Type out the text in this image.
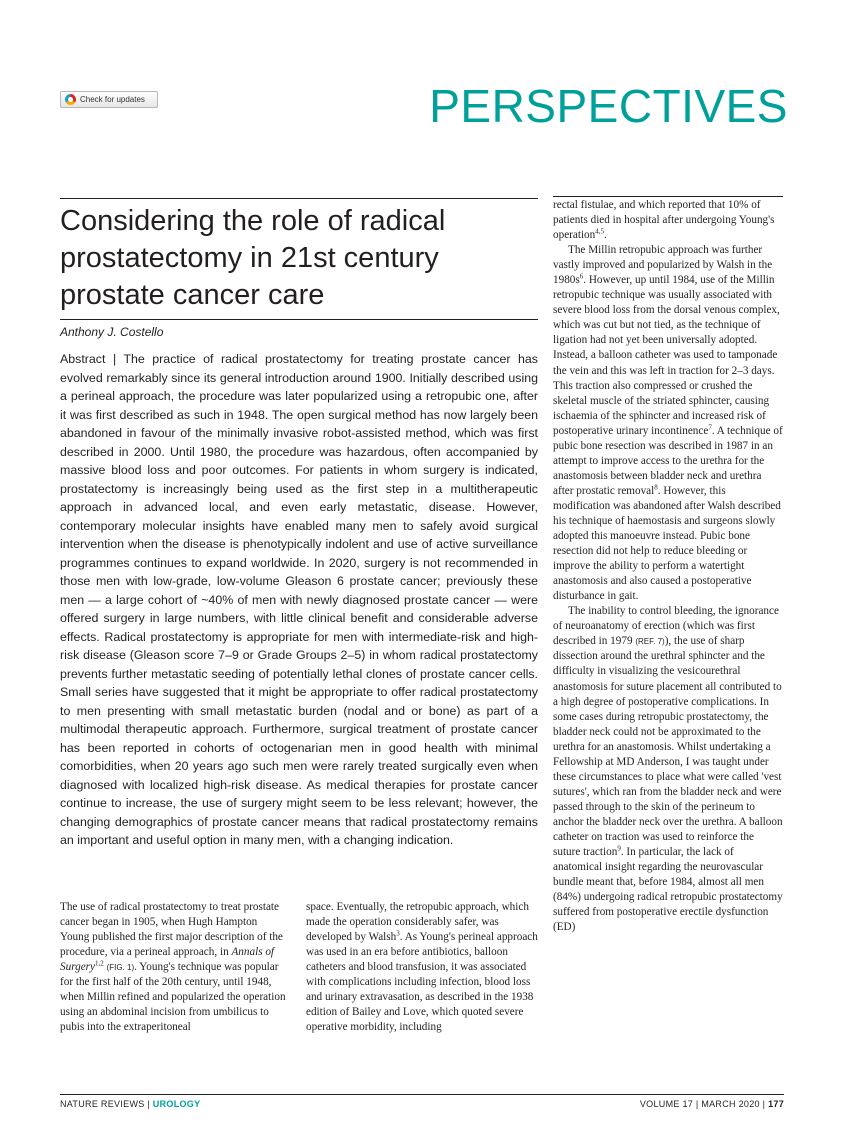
Check for updates	PERSPECTIVES
Considering the role of radical prostatectomy in 21st century prostate cancer care
Anthony J. Costello

Abstract | The practice of radical prostatectomy for treating prostate cancer has evolved remarkably since its general introduction around 1900. Initially described using a perineal approach, the procedure was later popularized using a retropubic one, after it was first described as such in 1948. The open surgical method has now largely been abandoned in favour of the minimally invasive robot-assisted method, which was first described in 2000. Until 1980, the procedure was hazardous, often accompanied by massive blood loss and poor outcomes. For patients in whom surgery is indicated, prostatectomy is increasingly being used as the first step in a multitherapeutic approach in advanced local, and even early metastatic, disease. However, contemporary molecular insights have enabled many men to safely avoid surgical intervention when the disease is phenotypically indolent and use of active surveillance programmes continues to expand worldwide. In 2020, surgery is not recommended in those men with low-grade, low-volume Gleason 6 prostate cancer; previously these men — a large cohort of ~40% of men with newly diagnosed prostate cancer — were offered surgery in large numbers, with little clinical benefit and considerable adverse effects. Radical prostatectomy is appropriate for men with intermediate-risk and high-risk disease (Gleason score 7–9 or Grade Groups 2–5) in whom radical prostatectomy prevents further metastatic seeding of potentially lethal clones of prostate cancer cells. Small series have suggested that it might be appropriate to offer radical prostatectomy to men presenting with small metastatic burden (nodal and or bone) as part of a multimodal therapeutic approach. Furthermore, surgical treatment of prostate cancer has been reported in cohorts of octogenarian men in good health with minimal comorbidities, when 20 years ago such men were rarely treated surgically even when diagnosed with localized high-risk disease. As medical therapies for prostate cancer continue to increase, the use of surgery might seem to be less relevant; however, the changing demographics of prostate cancer means that radical prostatectomy remains an important and useful option in many men, with a changing indication.

The use of radical prostatectomy to treat prostate cancer began in 1905, when Hugh Hampton Young published the first major description of the procedure, via a perineal approach, in Annals of Surgery$^{1,2}$ (FIG. 1). Young's technique was popular for the first half of the 20th century, until 1948, when Millin refined and popularized the operation using an abdominal incision from umbilicus to pubis into the extraperitoneal

space. Eventually, the retropubic approach, which made the operation considerably safer, was developed by Walsh$^3$. As Young's perineal approach was used in an era before antibiotics, balloon catheters and blood transfusion, it was associated with complications including infection, blood loss and urinary extravasation, as described in the 1938 edition of Bailey and Love, which quoted severe operative morbidity, including

rectal fistulae, and which reported that 10% of patients died in hospital after undergoing Young's operation$^{4,5}$.

The Millin retropubic approach was further vastly improved and popularized by Walsh in the 1980s$^6$. However, up until 1984, use of the Millin retropubic technique was usually associated with severe blood loss from the dorsal venous complex, which was cut but not tied, as the technique of ligation had not yet been universally adopted. Instead, a balloon catheter was used to tamponade the vein and this was left in traction for 2–3 days. This traction also compressed or crushed the skeletal muscle of the striated sphincter, causing ischaemia of the sphincter and increased risk of postoperative urinary incontinence$^7$. A technique of pubic bone resection was described in 1987 in an attempt to improve access to the urethra for the anastomosis between bladder neck and urethra after prostatic removal$^8$. However, this modification was abandoned after Walsh described his technique of haemostasis and surgeons slowly adopted this manoeuvre instead. Pubic bone resection did not help to reduce bleeding or improve the ability to perform a watertight anastomosis and also caused a postoperative disturbance in gait.

The inability to control bleeding, the ignorance of neuroanatomy of erection (which was first described in 1979 (REF. 7)), the use of sharp dissection around the urethral sphincter and the difficulty in visualizing the vesicourethral anastomosis for suture placement all contributed to a high degree of postoperative complications. In some cases during retropubic prostatectomy, the bladder neck could not be approximated to the urethra for an anastomosis. Whilst undertaking a Fellowship at MD Anderson, I was taught under these circumstances to place what were called 'vest sutures', which ran from the bladder neck and were passed through to the skin of the perineum to anchor the bladder neck over the urethra. A balloon catheter on traction was used to reinforce the suture traction$^9$. In particular, the lack of anatomical insight regarding the neurovascular bundle meant that, before 1984, almost all men (84%) undergoing radical retropubic prostatectomy suffered from postoperative erectile dysfunction (ED)

NATURE REVIEWS | UROLOGY	VOLUME 17 | MARCH 2020 | 177
